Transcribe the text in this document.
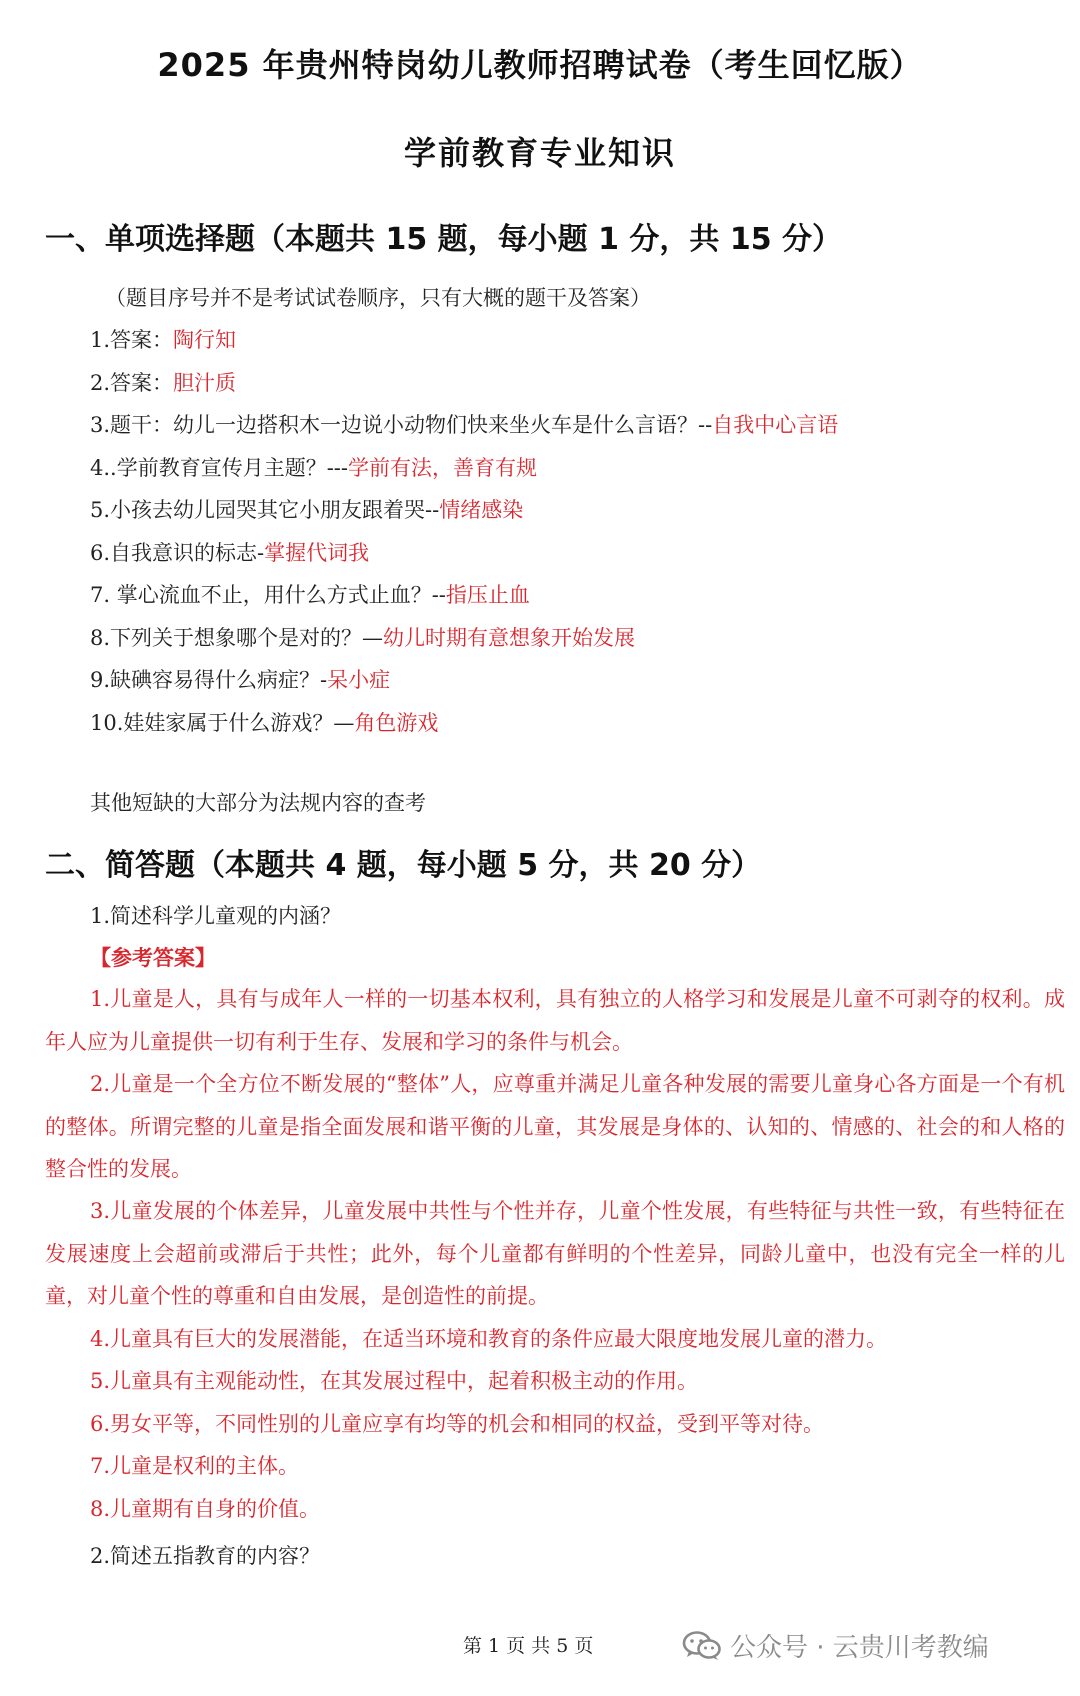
2025 年贵州特岗幼儿教师招聘试卷（考生回忆版）
学前教育专业知识
一、单项选择题（本题共 15 题，每小题 1 分，共 15 分）
（题目序号并不是考试试卷顺序，只有大概的题干及答案）
1.答案：陶行知
2.答案：胆汁质
3.题干：幼儿一边搭积木一边说小动物们快来坐火车是什么言语？--自我中心言语
4..学前教育宣传月主题？---学前有法，善育有规
5.小孩去幼儿园哭其它小朋友跟着哭--情绪感染
6.自我意识的标志-掌握代词我
7. 掌心流血不止，用什么方式止血？--指压止血
8.下列关于想象哪个是对的？—幼儿时期有意想象开始发展
9.缺碘容易得什么病症？-呆小症
10.娃娃家属于什么游戏？—角色游戏
其他短缺的大部分为法规内容的查考
二、简答题（本题共 4 题，每小题 5 分，共 20 分）
1.简述科学儿童观的内涵？
【参考答案】

1.儿童是人，具有与成年人一样的一切基本权利，具有独立的人格学习和发展是儿童不可剥夺的权利。成年人应为儿童提供一切有利于生存、发展和学习的条件与机会。

2.儿童是一个全方位不断发展的“整体”人，应尊重并满足儿童各种发展的需要儿童身心各方面是一个有机的整体。所谓完整的儿童是指全面发展和谐平衡的儿童，其发展是身体的、认知的、情感的、社会的和人格的整合性的发展。

3.儿童发展的个体差异，儿童发展中共性与个性并存，儿童个性发展，有些特征与共性一致，有些特征在发展速度上会超前或滞后于共性；此外，每个儿童都有鲜明的个性差异，同龄儿童中，也没有完全一样的儿童，对儿童个性的尊重和自由发展，是创造性的前提。

4.儿童具有巨大的发展潜能，在适当环境和教育的条件应最大限度地发展儿童的潜力。

5.儿童具有主观能动性，在其发展过程中，起着积极主动的作用。

6.男女平等，不同性别的儿童应享有均等的机会和相同的权益，受到平等对待。

7.儿童是权利的主体。

8.儿童期有自身的价值。

2.简述五指教育的内容？
第 1 页 共 5 页	公众号 · 云贵川考教编
